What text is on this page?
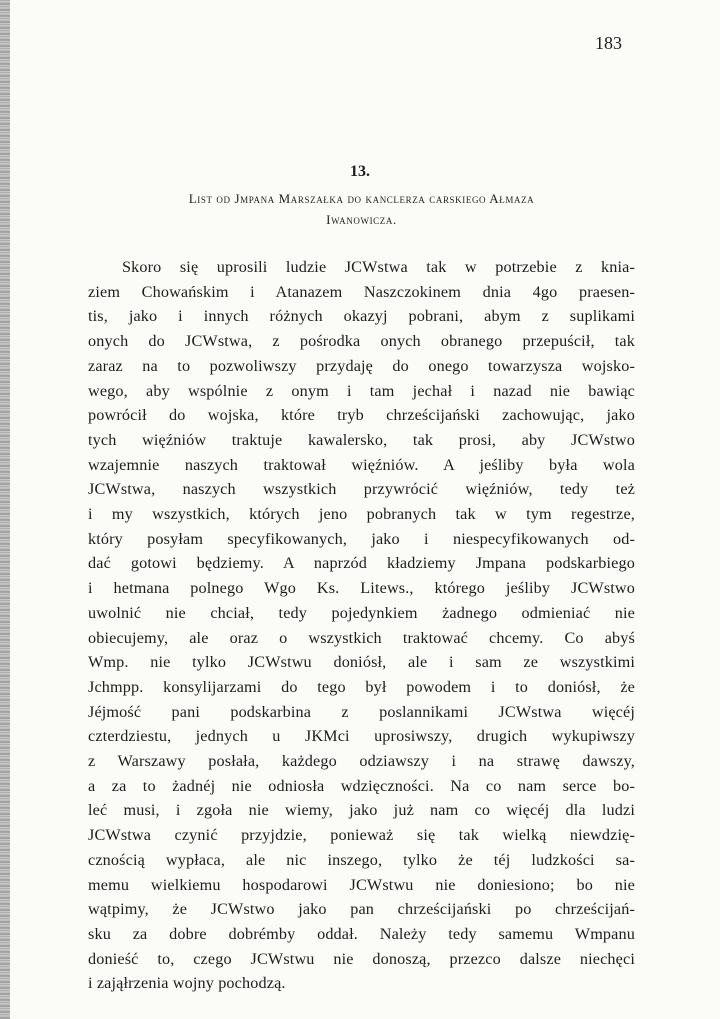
183
13.
List od Jmpana Marszałka do kanclerza carskiego Ałmaza
Iwanowicza.
Skoro się uprosili ludzie JCWstwa tak w potrzebie z knia-
ziem Chowańskim i Atanazem Naszczokinem dnia 4go praesen-
tis, jako i innych różnych okazyj pobrani, abym z suplikami
onych do JCWstwa, z pośrodka onych obranego przepuścił, tak
zaraz na to pozwoliwszy przydaję do onego towarzysza wojsko-
wego, aby wspólnie z onym i tam jechał i nazad nie bawiąc
powrócił do wojska, które tryb chrześcijański zachowując, jako
tych więźniów traktuje kawalersko, tak prosi, aby JCWstwo
wzajemnie naszych traktował więźniów. A jeśliby była wola
JCWstwa, naszych wszystkich przywrócić więźniów, tedy też
i my wszystkich, których jeno pobranych tak w tym regestrze,
który posyłam specyfikowanych, jako i niespecyfikowanych od-
dać gotowi będziemy. A naprzód kładziemy Jmpana podskarbiego
i hetmana polnego Wgo Ks. Litews., którego jeśliby JCWstwo
uwolnić nie chciał, tedy pojedynkiem żadnego odmieniać nie
obiecujemy, ale oraz o wszystkich traktować chcemy. Co abyś
Wmp. nie tylko JCWstwu doniósł, ale i sam ze wszystkimi
Jchmpp. konsylijarzami do tego był powodem i to doniósł, że
Jéjmość pani podskarbina z poslannikami JCWstwa więcéj
czterdziestu, jednych u JKMci uprosiwszy, drugich wykupiwszy
z Warszawy posłała, każdego odziawszy i na strawę dawszy,
a za to żadnéj nie odniosła wdzięczności. Na co nam serce bo-
leć musi, i zgoła nie wiemy, jako już nam co więcéj dla ludzi
JCWstwa czynić przyjdzie, ponieważ się tak wielką niewdzię-
cznością wypłaca, ale nic inszego, tylko że téj ludzkości sa-
memu wielkiemu hospodarowi JCWstwu nie doniesiono; bo nie
wątpimy, że JCWstwo jako pan chrześcijański po chrześcijań-
sku za dobre dobrémby oddał. Należy tedy samemu Wmpanu
donieść to, czego JCWstwu nie donoszą, przezco dalsze niechęci
i zająłrzenia wojny pochodzą.
